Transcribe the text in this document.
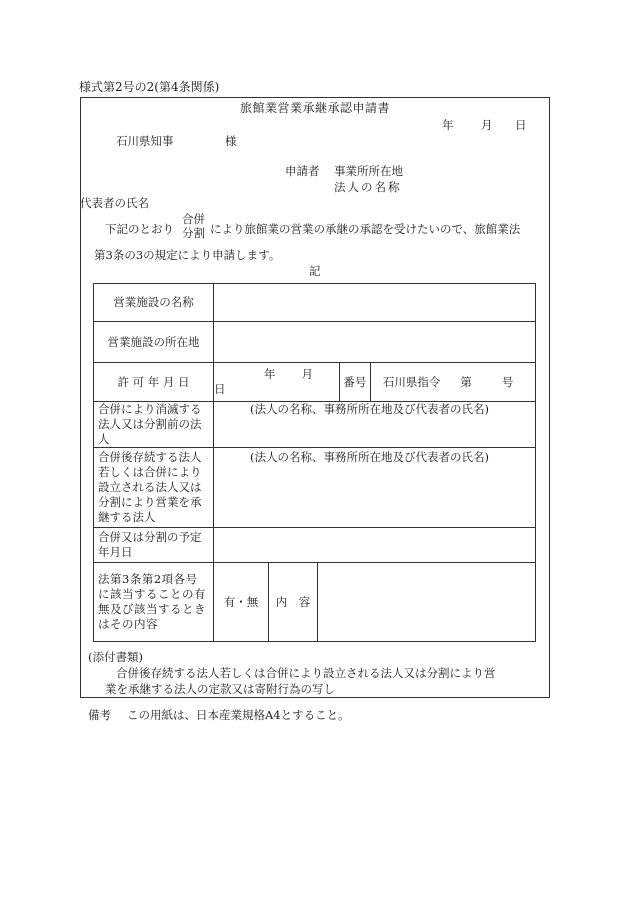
様式第2号の2(第4条関係)
旅館業営業承継承認申請書
年 月 日
石川県知事	様
申請者 事業所所在地
法人の名称
代表者の氏名
下記のとおり
合併
分割 により旅館業の営業の承継の承認を受けたいので、旅館業法
第3条の3の規定により申請します。
記
営業施設の名称					
営業施設の所在地					
許 可 年 月 日	年 月日			番号	石川県指令 第 号
合併により消滅する法人又は分割前の法人	(法人の名称、事務所所在地及び代表者の氏名)				
合併後存続する法人若しくは合併により設立される法人又は分割により営業を承継する法人	(法人の名称、事務所所在地及び代表者の氏名)				
合併又は分割の予定年月日					
法第3条第2項各号に該当することの有無及び該当するときはその内容	有・無	内　容			
(添付書類)
合併後存続する法人若しくは合併により設立される法人又は分割により営
業を承継する法人の定款又は寄附行為の写し
備考 この用紙は、日本産業規格A4とすること。
